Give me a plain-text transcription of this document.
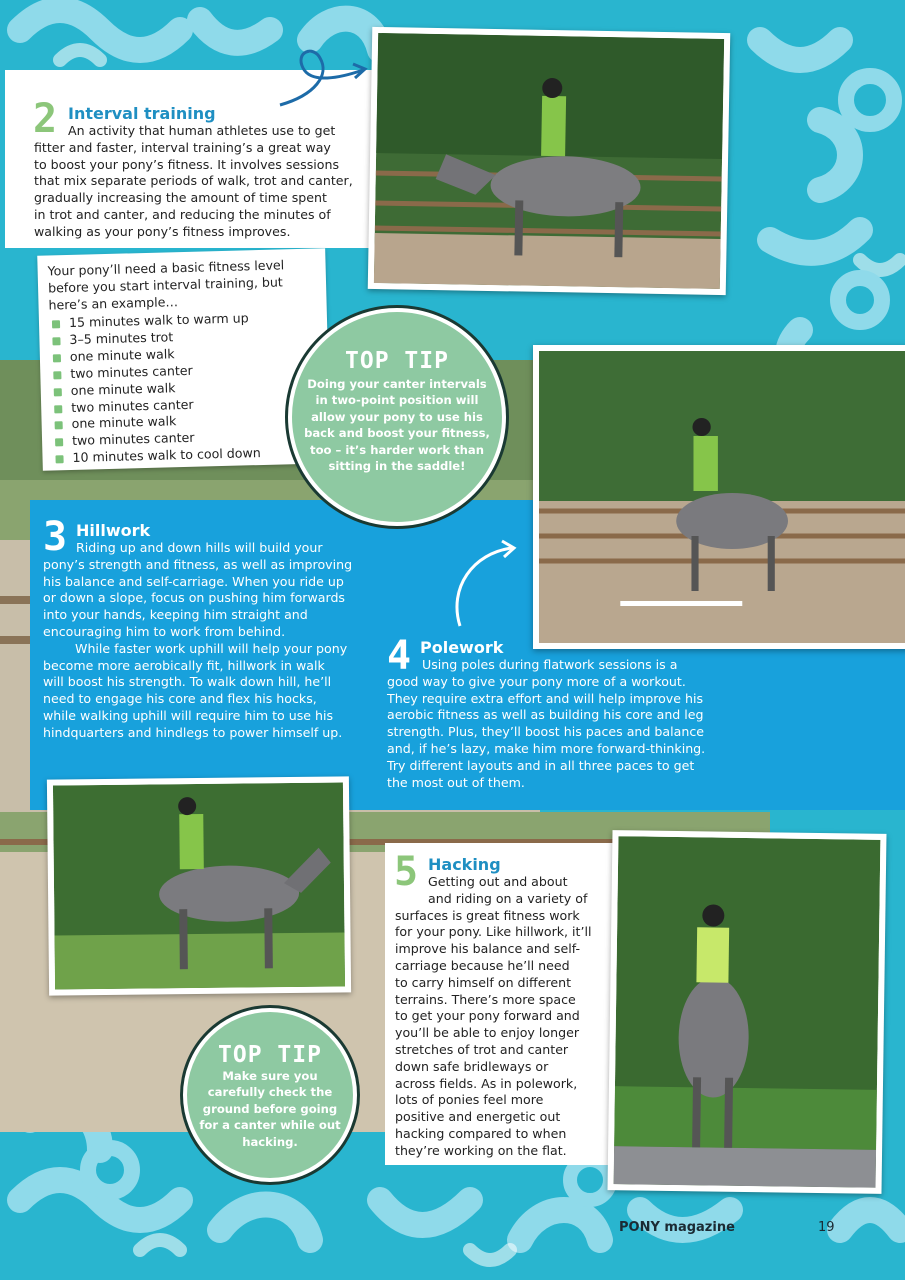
2 Interval training
An activity that human athletes use to get
fitter and faster, interval training’s a great way
to boost your pony’s fitness. It involves sessions
that mix separate periods of walk, trot and canter,
gradually increasing the amount of time spent
in trot and canter, and reducing the minutes of
walking as your pony’s fitness improves.
Your pony’ll need a basic fitness level
before you start interval training, but
here’s an example…
15 minutes walk to warm up
3–5 minutes trot
one minute walk
two minutes canter
one minute walk
two minutes canter
one minute walk
two minutes canter
10 minutes walk to cool down
TOP TIP
Doing your canter intervals
in two-point position will
allow your pony to use his
back and boost your fitness,
too – it’s harder work than
sitting in the saddle!
3 Hillwork
Riding up and down hills will build your
pony’s strength and fitness, as well as improving
his balance and self-carriage. When you ride up
or down a slope, focus on pushing him forwards
into your hands, keeping him straight and
encouraging him to work from behind.
While faster work uphill will help your pony
become more aerobically fit, hillwork in walk
will boost his strength. To walk down hill, he’ll
need to engage his core and flex his hocks,
while walking uphill will require him to use his
hindquarters and hindlegs to power himself up.
4 Polework
Using poles during flatwork sessions is a
good way to give your pony more of a workout.
They require extra effort and will help improve his
aerobic fitness as well as building his core and leg
strength. Plus, they’ll boost his paces and balance
and, if he’s lazy, make him more forward-thinking.
Try different layouts and in all three paces to get
the most out of them.
5 Hacking
Getting out and about
and riding on a variety of
surfaces is great fitness work
for your pony. Like hillwork, it’ll
improve his balance and self-
carriage because he’ll need
to carry himself on different
terrains. There’s more space
to get your pony forward and
you’ll be able to enjoy longer
stretches of trot and canter
down safe bridleways or
across fields. As in polework,
lots of ponies feel more
positive and energetic out
hacking compared to when
they’re working on the flat.
TOP TIP
Make sure you
carefully check the
ground before going
for a canter while out
hacking.
PONY magazine	19
